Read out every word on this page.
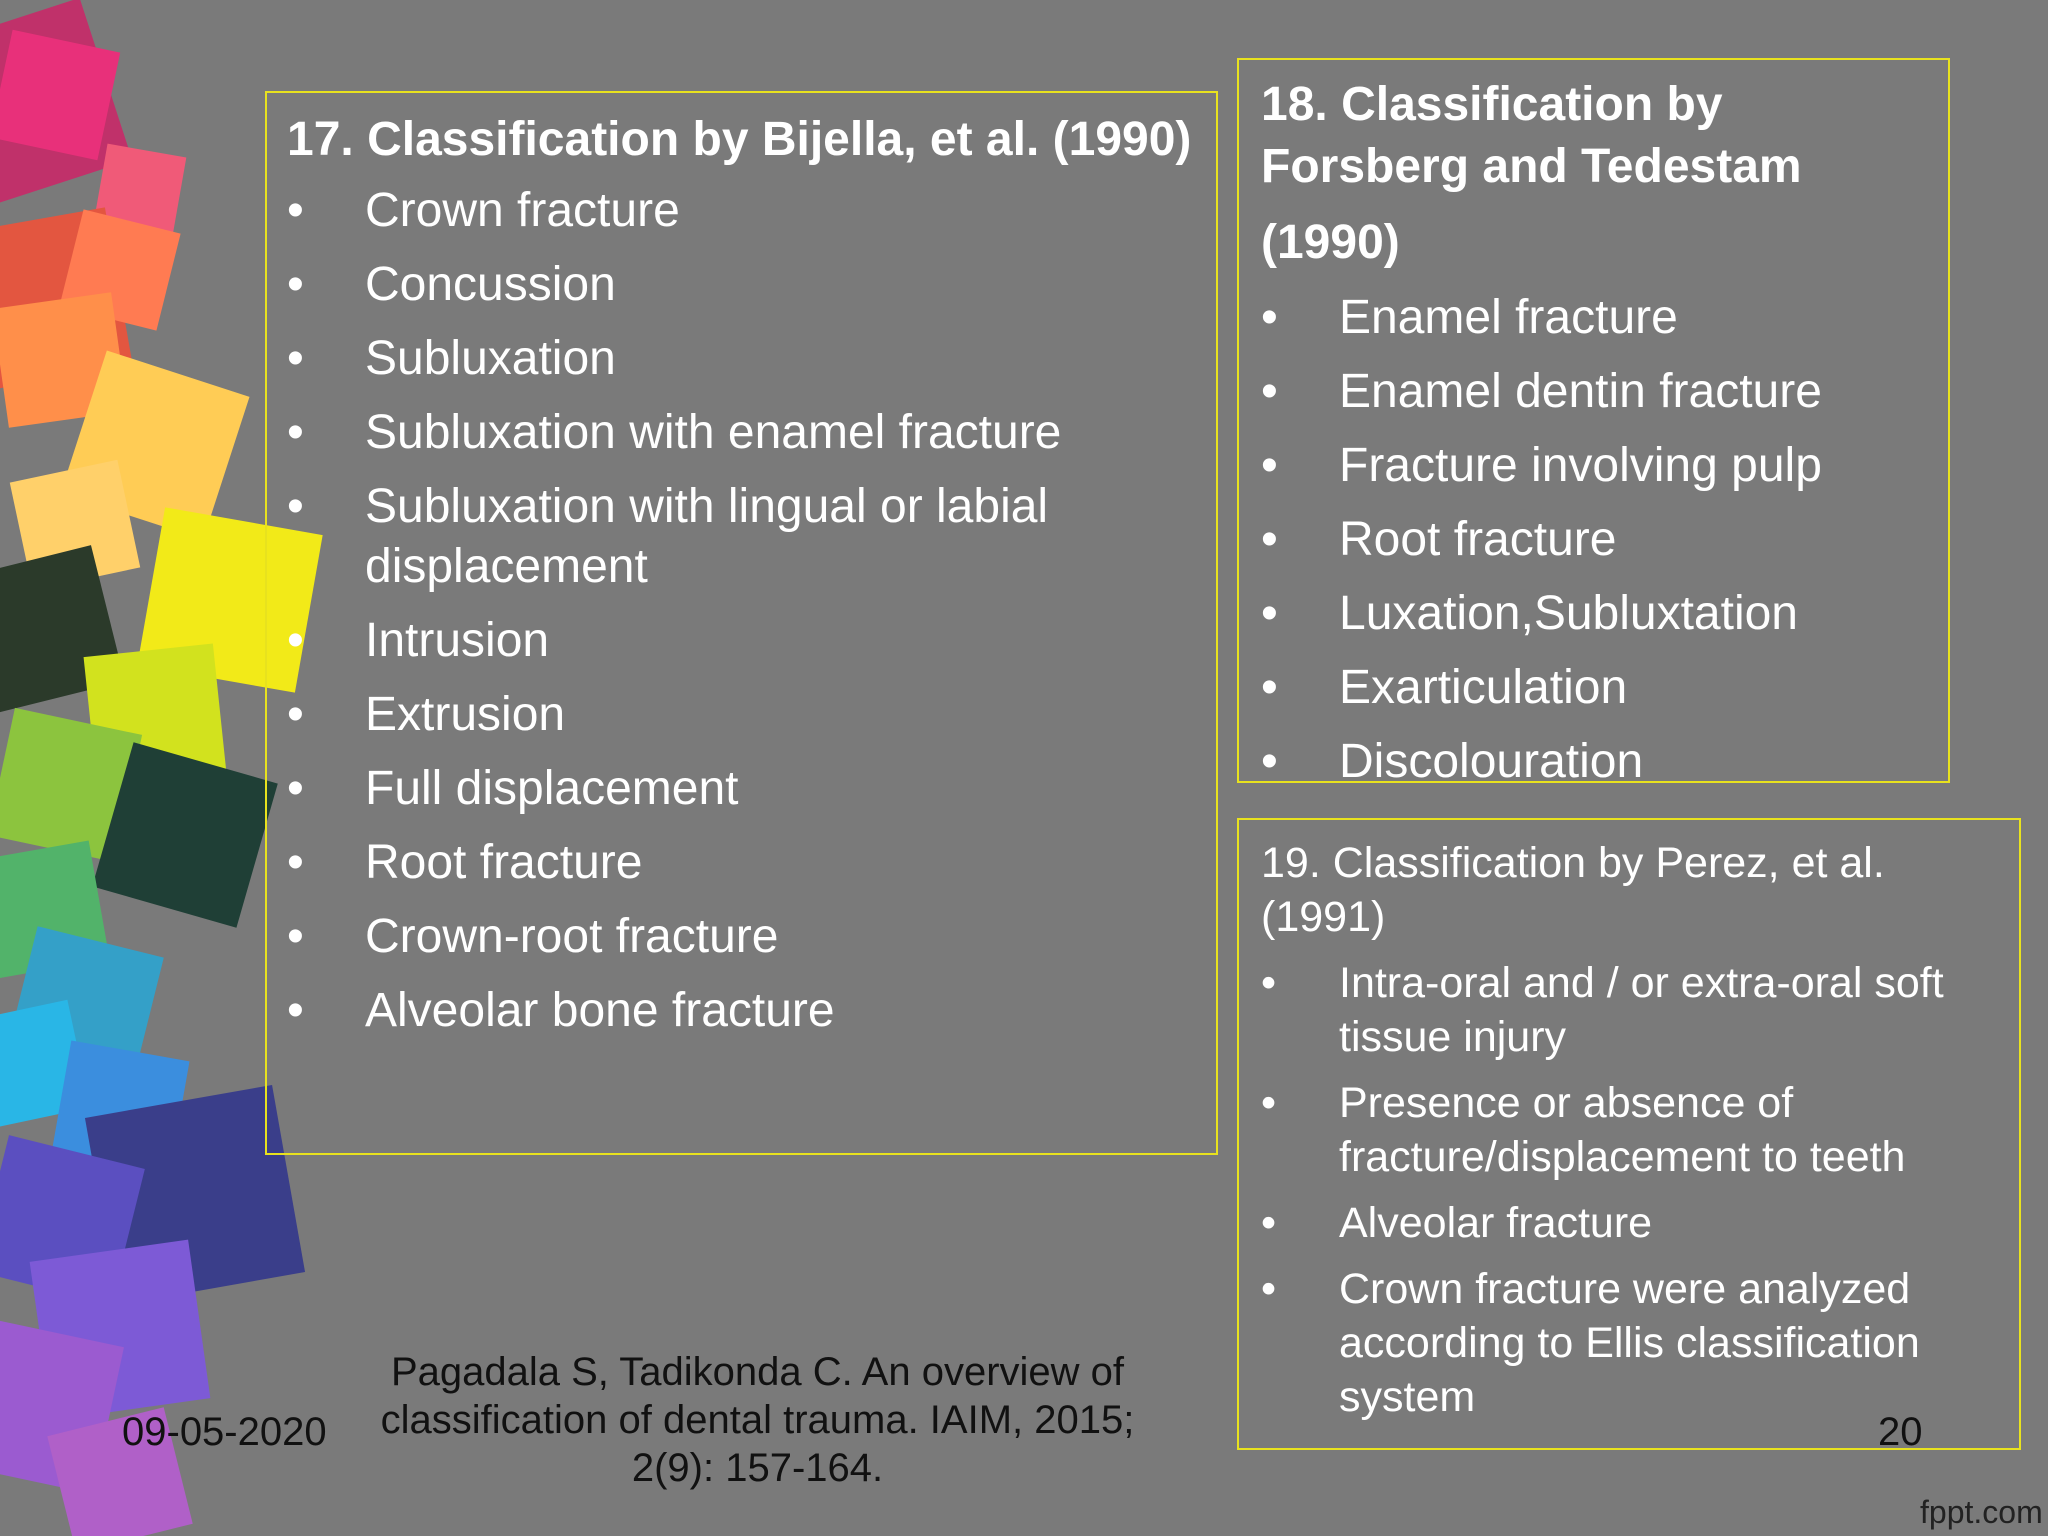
17. Classification by Bijella, et al. (1990)

•	Crown fracture
•	Concussion
•	Subluxation
•	Subluxation with enamel fracture
•	Subluxation with lingual or labial displacement
•	Intrusion
•	Extrusion
•	Full displacement
•	Root fracture
•	Crown-root fracture
•	Alveolar bone fracture

18. Classification by

Forsberg and Tedestam

(1990)

•	Enamel fracture
•	Enamel dentin fracture
•	Fracture involving pulp
•	Root fracture
•	Luxation,Subluxtation
•	Exarticulation
•	Discolouration

19. Classification by Perez, et al. (1991)

•	Intra-oral and / or extra-oral soft tissue injury
•	Presence or absence of fracture/displacement to teeth
•	Alveolar fracture
•	Crown fracture were analyzed according to Ellis classification system
09-05-2020
Pagadala S, Tadikonda C. An overview of classification of dental trauma. IAIM, 2015; 2(9): 157-164.
20
fppt.com
